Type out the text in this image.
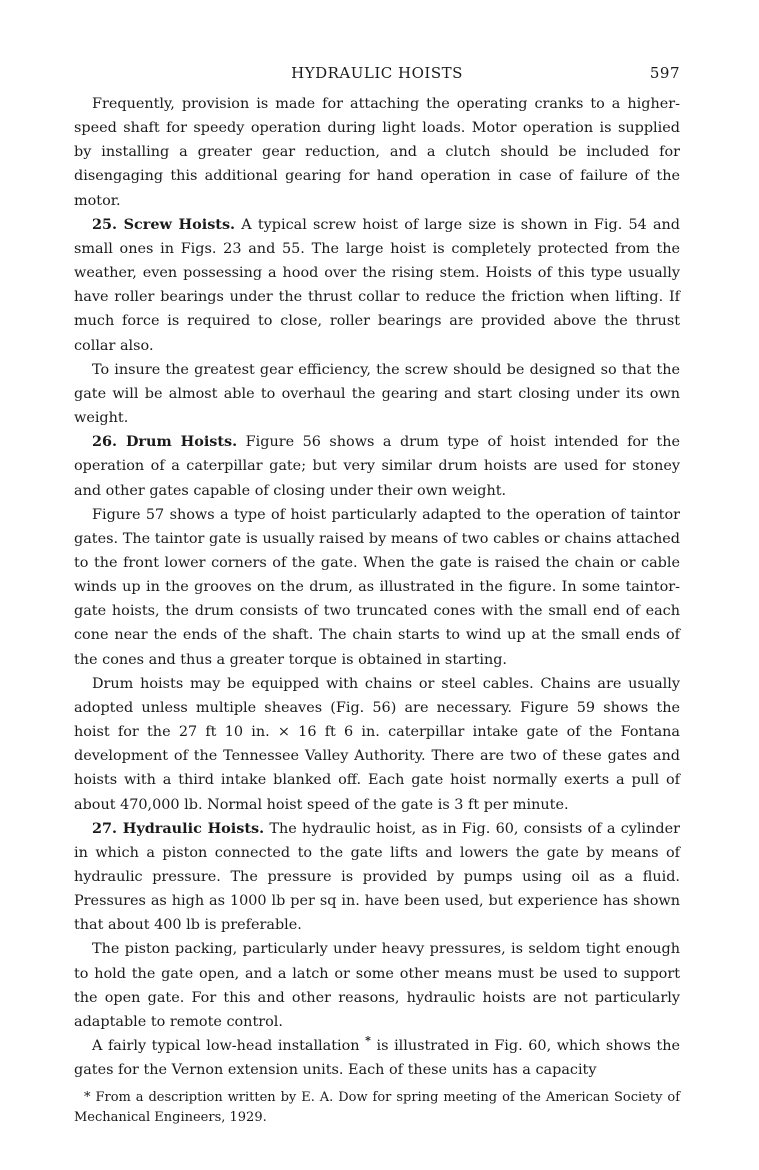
HYDRAULIC HOISTS	597

Frequently, provision is made for attaching the operating cranks to a higher-speed shaft for speedy operation during light loads. Motor operation is supplied by installing a greater gear reduction, and a clutch should be included for disengaging this additional gearing for hand operation in case of failure of the motor.

25. Screw Hoists. A typical screw hoist of large size is shown in Fig. 54 and small ones in Figs. 23 and 55. The large hoist is completely protected from the weather, even possessing a hood over the rising stem. Hoists of this type usually have roller bearings under the thrust collar to reduce the friction when lifting. If much force is required to close, roller bearings are provided above the thrust collar also.

To insure the greatest gear efficiency, the screw should be designed so that the gate will be almost able to overhaul the gearing and start closing under its own weight.

26. Drum Hoists. Figure 56 shows a drum type of hoist intended for the operation of a caterpillar gate; but very similar drum hoists are used for stoney and other gates capable of closing under their own weight.

Figure 57 shows a type of hoist particularly adapted to the operation of taintor gates. The taintor gate is usually raised by means of two cables or chains attached to the front lower corners of the gate. When the gate is raised the chain or cable winds up in the grooves on the drum, as illustrated in the figure. In some taintor-gate hoists, the drum consists of two truncated cones with the small end of each cone near the ends of the shaft. The chain starts to wind up at the small ends of the cones and thus a greater torque is obtained in starting.

Drum hoists may be equipped with chains or steel cables. Chains are usually adopted unless multiple sheaves (Fig. 56) are necessary. Figure 59 shows the hoist for the 27 ft 10 in. × 16 ft 6 in. caterpillar intake gate of the Fontana development of the Tennessee Valley Authority. There are two of these gates and hoists with a third intake blanked off. Each gate hoist normally exerts a pull of about 470,000 lb. Normal hoist speed of the gate is 3 ft per minute.

27. Hydraulic Hoists. The hydraulic hoist, as in Fig. 60, consists of a cylinder in which a piston connected to the gate lifts and lowers the gate by means of hydraulic pressure. The pressure is provided by pumps using oil as a fluid. Pressures as high as 1000 lb per sq in. have been used, but experience has shown that about 400 lb is preferable.

The piston packing, particularly under heavy pressures, is seldom tight enough to hold the gate open, and a latch or some other means must be used to support the open gate. For this and other reasons, hydraulic hoists are not particularly adaptable to remote control.

A fairly typical low-head installation * is illustrated in Fig. 60, which shows the gates for the Vernon extension units. Each of these units has a capacity

* From a description written by E. A. Dow for spring meeting of the American Society of Mechanical Engineers, 1929.
